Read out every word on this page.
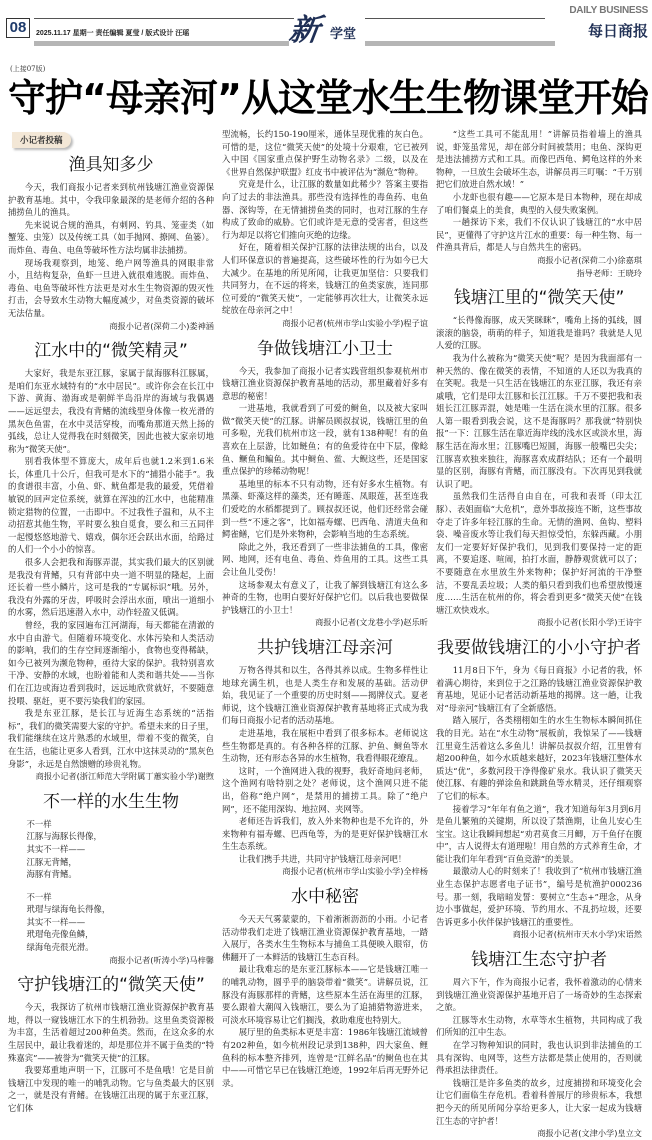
08	2025.11.17 星期一 责任编辑 夏莹 / 版式设计 汪瑶	新 学堂
DAILY BUSINESS
每日商报
(上接07版)
守护“母亲河”从这堂水生生物课堂开始
小记者投稿
渔具知多少

今天，我们商报小记者来到杭州钱塘江渔业资源保护教育基地。其中，令我印象最深的是老师介绍的各种捕捞鱼儿的渔具。

先来说说合规的渔具，有刺网、钓具、笼壶类（如蟹笼、虫笼）以及传统工具（如手抛网、撩网、鱼篓）。而炸鱼、毒鱼、电鱼等破坏性方法均属非法捕捞。

现场我观察到，地笼、绝户网等渔具的网眼非常小，且结构复杂，鱼虾一旦进入就很难逃脱。而炸鱼、毒鱼、电鱼等破坏性方法更是对水生生物资源的毁灭性打击，会导致水生动物大幅度减少，对鱼类资源的破坏无法估量。

商报小记者(深荷二小)娄神涵

江水中的“微笑精灵”

大家好，我是东亚江豚，家属于鼠海豚科江豚属，是咱们东亚水域特有的“水中居民”。或许你会在长江中下游、黄海、渤海或是朝鲜半岛沿岸的海域与我偶遇——远远望去，我没有背鳍的流线型身体像一枚光滑的黑灰色鱼雷，在水中灵活穿梭，而嘴角那道天然上扬的弧线，总让人觉得我在时刻微笑，因此也被大家亲切地称为“微笑天使”。

别看我体型不算庞大，成年后也就1.2米到1.6米长，体重几十公斤，但我可是水下的“捕猎小能手”。我的食谱很丰富，小鱼、虾、鱿鱼都是我的最爱，凭借着敏锐的回声定位系统，就算在浑浊的江水中，也能精准锁定猎物的位置，一击即中。不过我性子温和，从不主动招惹其他生物，平时要么独自觅食，要么和三五同伴一起慢悠悠地游弋、嬉戏，偶尔还会跃出水面，给路过的人们一个小小的惊喜。

很多人会把我和海豚弄混，其实我们最大的区别就是我没有背鳍，只有背部中央一道不明显的隆起，上面还长着一些小鳞片，这可是我的“专属标识”哦。另外，我没有外露的牙齿，呼吸时会浮出水面，喷出一道细小的水雾，然后迅速潜入水中，动作轻盈又低调。

曾经，我的家园遍布江河湖海，每天都能在清澈的水中自由游弋。但随着环境变化、水体污染和人类活动的影响，我们的生存空间逐渐缩小，食物也变得稀缺，如今已被列为濒危物种，亟待大家的保护。我特别喜欢干净、安静的水域，也盼着能和人类和谐共处——当你们在江边或海边看到我时，远远地欣赏就好，不要随意投喂、驱赶，更不要污染我们的家园。

我是东亚江豚，是长江与近海生态系统的“活指标”，我们的微笑需要大家的守护。希望未来的日子里，我们能继续在这片熟悉的水域里，带着不变的微笑，自在生活，也能让更多人看到，江水中这抹灵动的“黑灰色身影”，永远是自然馈赠的珍贵礼物。

商报小记者(浙江师范大学附属丁蕙实验小学)谢煦

不一样的水生生物

不一样

江豚与海豚长得像，

其实不一样——

江豚无背鳍，

海豚有背鳍。

不一样

玳瑁与绿海龟长得像，

其实不一样——

玳瑁龟壳像鱼鳞，

绿海龟壳很光滑。

商报小记者(听涛小学)马梓馨

守护钱塘江的“微笑天使”

今天，我探访了杭州市钱塘江渔业资源保护教育基地，得以一窥钱塘江水下的生机勃勃。这里鱼类资源极为丰富，生活着超过200种鱼类。然而，在这众多的水生居民中，最让我着迷的，却是那位并不属于鱼类的“特殊嘉宾”——被誉为“微笑天使”的江豚。

我要郑重地声明一下，江豚可不是鱼哦！它是目前钱塘江中发现的唯一的哺乳动物。它与鱼类最大的区别之一，就是没有背鳍。在钱塘江出现的属于东亚江豚，它们体

型流畅，长约150-190厘米，通体呈现优雅的灰白色。可惜的是，这位“微笑天使”的处境十分艰难，它已被列入中国《国家重点保护野生动物名录》二级，以及在《世界自然保护联盟》红皮书中被评估为“濒危”物种。

究竟是什么，让江豚的数量如此稀少？答案主要指向了过去的非法渔具。那些没有选择性的毒鱼药、电鱼器、深钩等，在无情捕捞鱼类的同时，也对江豚的生存构成了致命的威胁。它们或许是无意的受害者，但这些行为却足以将它们推向灭绝的边缘。

好在，随着相关保护江豚的法律法规的出台，以及人们环保意识的普遍提高，这些破坏性的行为如今已大大减少。在基地的所见所闻，让我更加坚信：只要我们共同努力，在不远的将来，钱塘江的鱼类家族，连同那位可爱的“微笑天使”，一定能够再次壮大，让微笑永远绽放在母亲河之中！

商报小记者(杭州市学山实验小学)程子谊

争做钱塘江小卫士

今天，我参加了商报小记者实践营组织参观杭州市钱塘江渔业资源保护教育基地的活动，那里藏着好多有意思的秘密！

一进基地，我就看到了可爱的鲥鱼，以及被大家叫做“微笑天使”的江豚。讲解员顾叔叔说，钱塘江里的鱼可多啦，光我们杭州市这一段，就有138种呢！有的鱼喜欢在上层游，比如鲢鱼；有的鱼爱待在中下层，像鲶鱼、鳜鱼和鳊鱼。其中鲥鱼、鲎、大鲵这些，还是国家重点保护的珍稀动物呢！

基地里的标本不只有动物，还有好多水生植物。有黑藻、虾藻这样的藻类，还有睡莲、凤眼莲，甚至连我们爱吃的水稻都提到了。顾叔叔还说，他们还经常会碰到一些“不速之客”，比如福寿螺、巴西龟、清道夫鱼和鳄雀鳝，它们是外来物种，会影响当地的生态系统。

除此之外，我还看到了一些非法捕鱼的工具，像密网、地网，还有电鱼、毒鱼、炸鱼用的工具。这些工具会让鱼儿受伤！

这场参观太有意义了，让我了解到钱塘江有这么多神奇的生物，也明白要好好保护它们。以后我也要做保护钱塘江的小卫士！

商报小记者(文龙巷小学)赵乐昕

共护钱塘江母亲河

万物各得其和以生，各得其养以成。生物多样性让地球充满生机，也是人类生存和发展的基础。活动伊始，我见证了一个重要的历史时刻——揭牌仪式。夏老师说，这个钱塘江渔业资源保护教育基地将正式成为我们每日商报小记者的活动基地。

走进基地，我在展柜中看到了很多标本。老师说这些生物都是真的。有各种各样的江豚、护鱼、鲥鱼等水生动物，还有形态各异的水生植物，我看得眼花缭乱。

这时，一个渔网进入我的视野，我好奇地问老师，这个渔网有啥特别之处？老师说，这个渔网只进不能出，俗称“绝户网”，是禁用的捕捞工具。除了“绝户网”，还不能用深钩、地拉网、夹网等。

老师还告诉我们，放入外来物种也是不允许的，外来物种有福寿螺、巴西龟等，为的是更好保护钱塘江水生生态系统。

让我们携手共进，共同守护钱塘江母亲河吧！

商报小记者(杭州市学山实验小学)全梓杨

水中秘密

今天天气雾蒙蒙的，下着淅淅沥沥的小雨。小记者活动带我们走进了钱塘江渔业资源保护教育基地，一踏入展厅，各类水生生物标本与捕鱼工具便映入眼帘，仿佛翻开了一本鲜活的钱塘江生态百科。

最让我难忘的是东亚江豚标本——它是钱塘江唯一的哺乳动物，圆乎乎的脑袋带着“微笑”。讲解员说，江豚没有海豚那样的背鳍，这些原本生活在海里的江豚，要么跟着大潮闯入钱塘江，要么为了追捕猎物游进来，可淡水环境容易让它们搁浅，救助难度也特别大。

展厅里的鱼类标本更是丰富：1986年钱塘江流域曾有202种鱼，如今杭州段记录到138种，四大家鱼、鲤鱼科的标本整齐排列，连曾是“江鲜名品”的鲥鱼也在其中——可惜它早已在钱塘江绝迹，1992年后再无野外记录。

“这些工具可不能乱用！”讲解员指着墙上的渔具说，虾笼虽常见，却在部分时间被禁用；电鱼、深钩更是违法捕捞方式和工具。而像巴西龟、鳄龟这样的外来物种，一旦放生会破坏生态，讲解员再三叮嘱：“千万别把它们放进自然水域！”

小龙虾也很有趣——它原本是日本物种，现在却成了咱们餐桌上的美食，典型的入侵失败案例。

一趟探访下来，我们不仅认识了钱塘江的“水中居民”，更懂得了守护这片江水的重要：每一种生物、每一件渔具背后，都是人与自然共生的密码。

商报小记者(深荷二小)徐嘉琪

指导老师：王晓玲

钱塘江里的“微笑天使”

“长得像海豚，成天笑眯眯”，嘴角上扬的弧线，圆滚滚的脑袋，萌萌的样子，知道我是谁吗？我就是人见人爱的江豚。

我为什么被称为“微笑天使”呢？是因为我面部有一种天然的、像在微笑的表情，不知道的人还以为我真的在笑呢。我是一只生活在钱塘江的东亚江豚，我还有亲戚哦，它们是印太江豚和长江江豚。千万不要把我和表姐长江江豚弄混，她是唯一生活在淡水里的江豚。很多人第一眼看到我会说，这不是海豚吗？那我就“特别快报”一下：江豚生活在靠近海岸线的浅水区或淡水里，海豚生活在海水里；江豚嘴巴短圆，海豚一般嘴巴尖尖；江豚喜欢独来独往，海豚喜欢成群结队；还有一个最明显的区别，海豚有背鳍，而江豚没有。下次再见到我就认识了吧。

虽然我们生活得自由自在，可我和表哥（印太江豚）、表姐面临“大危机”，意外事故接连不断，这些事故夺走了许多年轻江豚的生命。无情的渔网、鱼钩、塑料袋、噪音废水等让我们每天担惊受怕，东躲西藏。小朋友们一定要好好保护我们，见到我们要保持一定的距离，不要追逐、喧闹，拍打水面，静静观赏就可以了；不要随意在水里放生外来物种；保护好河流的干净整洁，不要乱丢垃圾；人类的船只看到我们也希望放慢速度……生活在杭州的你，将会看到更多“微笑天使”在钱塘江欢快戏水。

商报小记者(长阳小学)王诗宇

我要做钱塘江的小小守护者

11月8日下午，身为《每日商报》小记者的我，怀着满心期待，来到位于之江路的钱塘江渔业资源保护教育基地，见证小记者活动新基地的揭牌。这一趟，让我对“母亲河”钱塘江有了全新感悟。

踏入展厅，各类栩栩如生的水生生物标本瞬间抓住我的目光。站在“水生动物”展板前，我惊呆了——钱塘江里竟生活着这么多鱼儿！讲解员叔叔介绍，江里曾有超200种鱼，如今水质越来越好，2023年钱塘江整体水质达“优”，多数河段干净得像矿泉水。我认识了微笑天使江豚、有趣的弹涂鱼和跳跳鱼等水精灵，还仔细观察了它们的标本。

接着学习“年年有鱼之道”，我才知道每年3月到6月是鱼儿繁殖的关键期，所以设了禁渔期，让鱼儿安心生宝宝。这让我瞬间想起“劝君莫食三月鲫，万千鱼仔在腹中”，古人说得太有道理啦！用自然的方式养育生命，才能让我们年年看到“百鱼竞游”的美景。

最激动人心的时刻来了！我收到了“杭州市钱塘江渔业生态保护志愿者电子证书”，编号是杭渔护000236号。那一刻，我暗暗发誓：要树立“生态+”理念，从身边小事做起，爱护环境、节约用水、不乱扔垃圾，还要告诉更多小伙伴保护钱塘江的重要性。

商报小记者(杭州市天水小学)宋语然

钱塘江生态守护者

周六下午，作为商报小记者，我怀着激动的心情来到钱塘江渔业资源保护基地开启了一场奇妙的生态探索之旅。

江豚等水生动物，水草等水生植物，共同构成了我们所知的江中生态。

在学习物种知识的同时，我也认识到非法捕鱼的工具有深钩、电网等，这些方法都是禁止使用的，否则就得承担法律责任。

钱塘江是许多鱼类的故乡，过度捕捞和环境变化会让它们面临生存危机。看着科普展厅的珍贵标本，我想把今天的所见所闻分享给更多人，让大家一起成为钱塘江生态的守护者！

商报小记者(文津小学)皇立文
